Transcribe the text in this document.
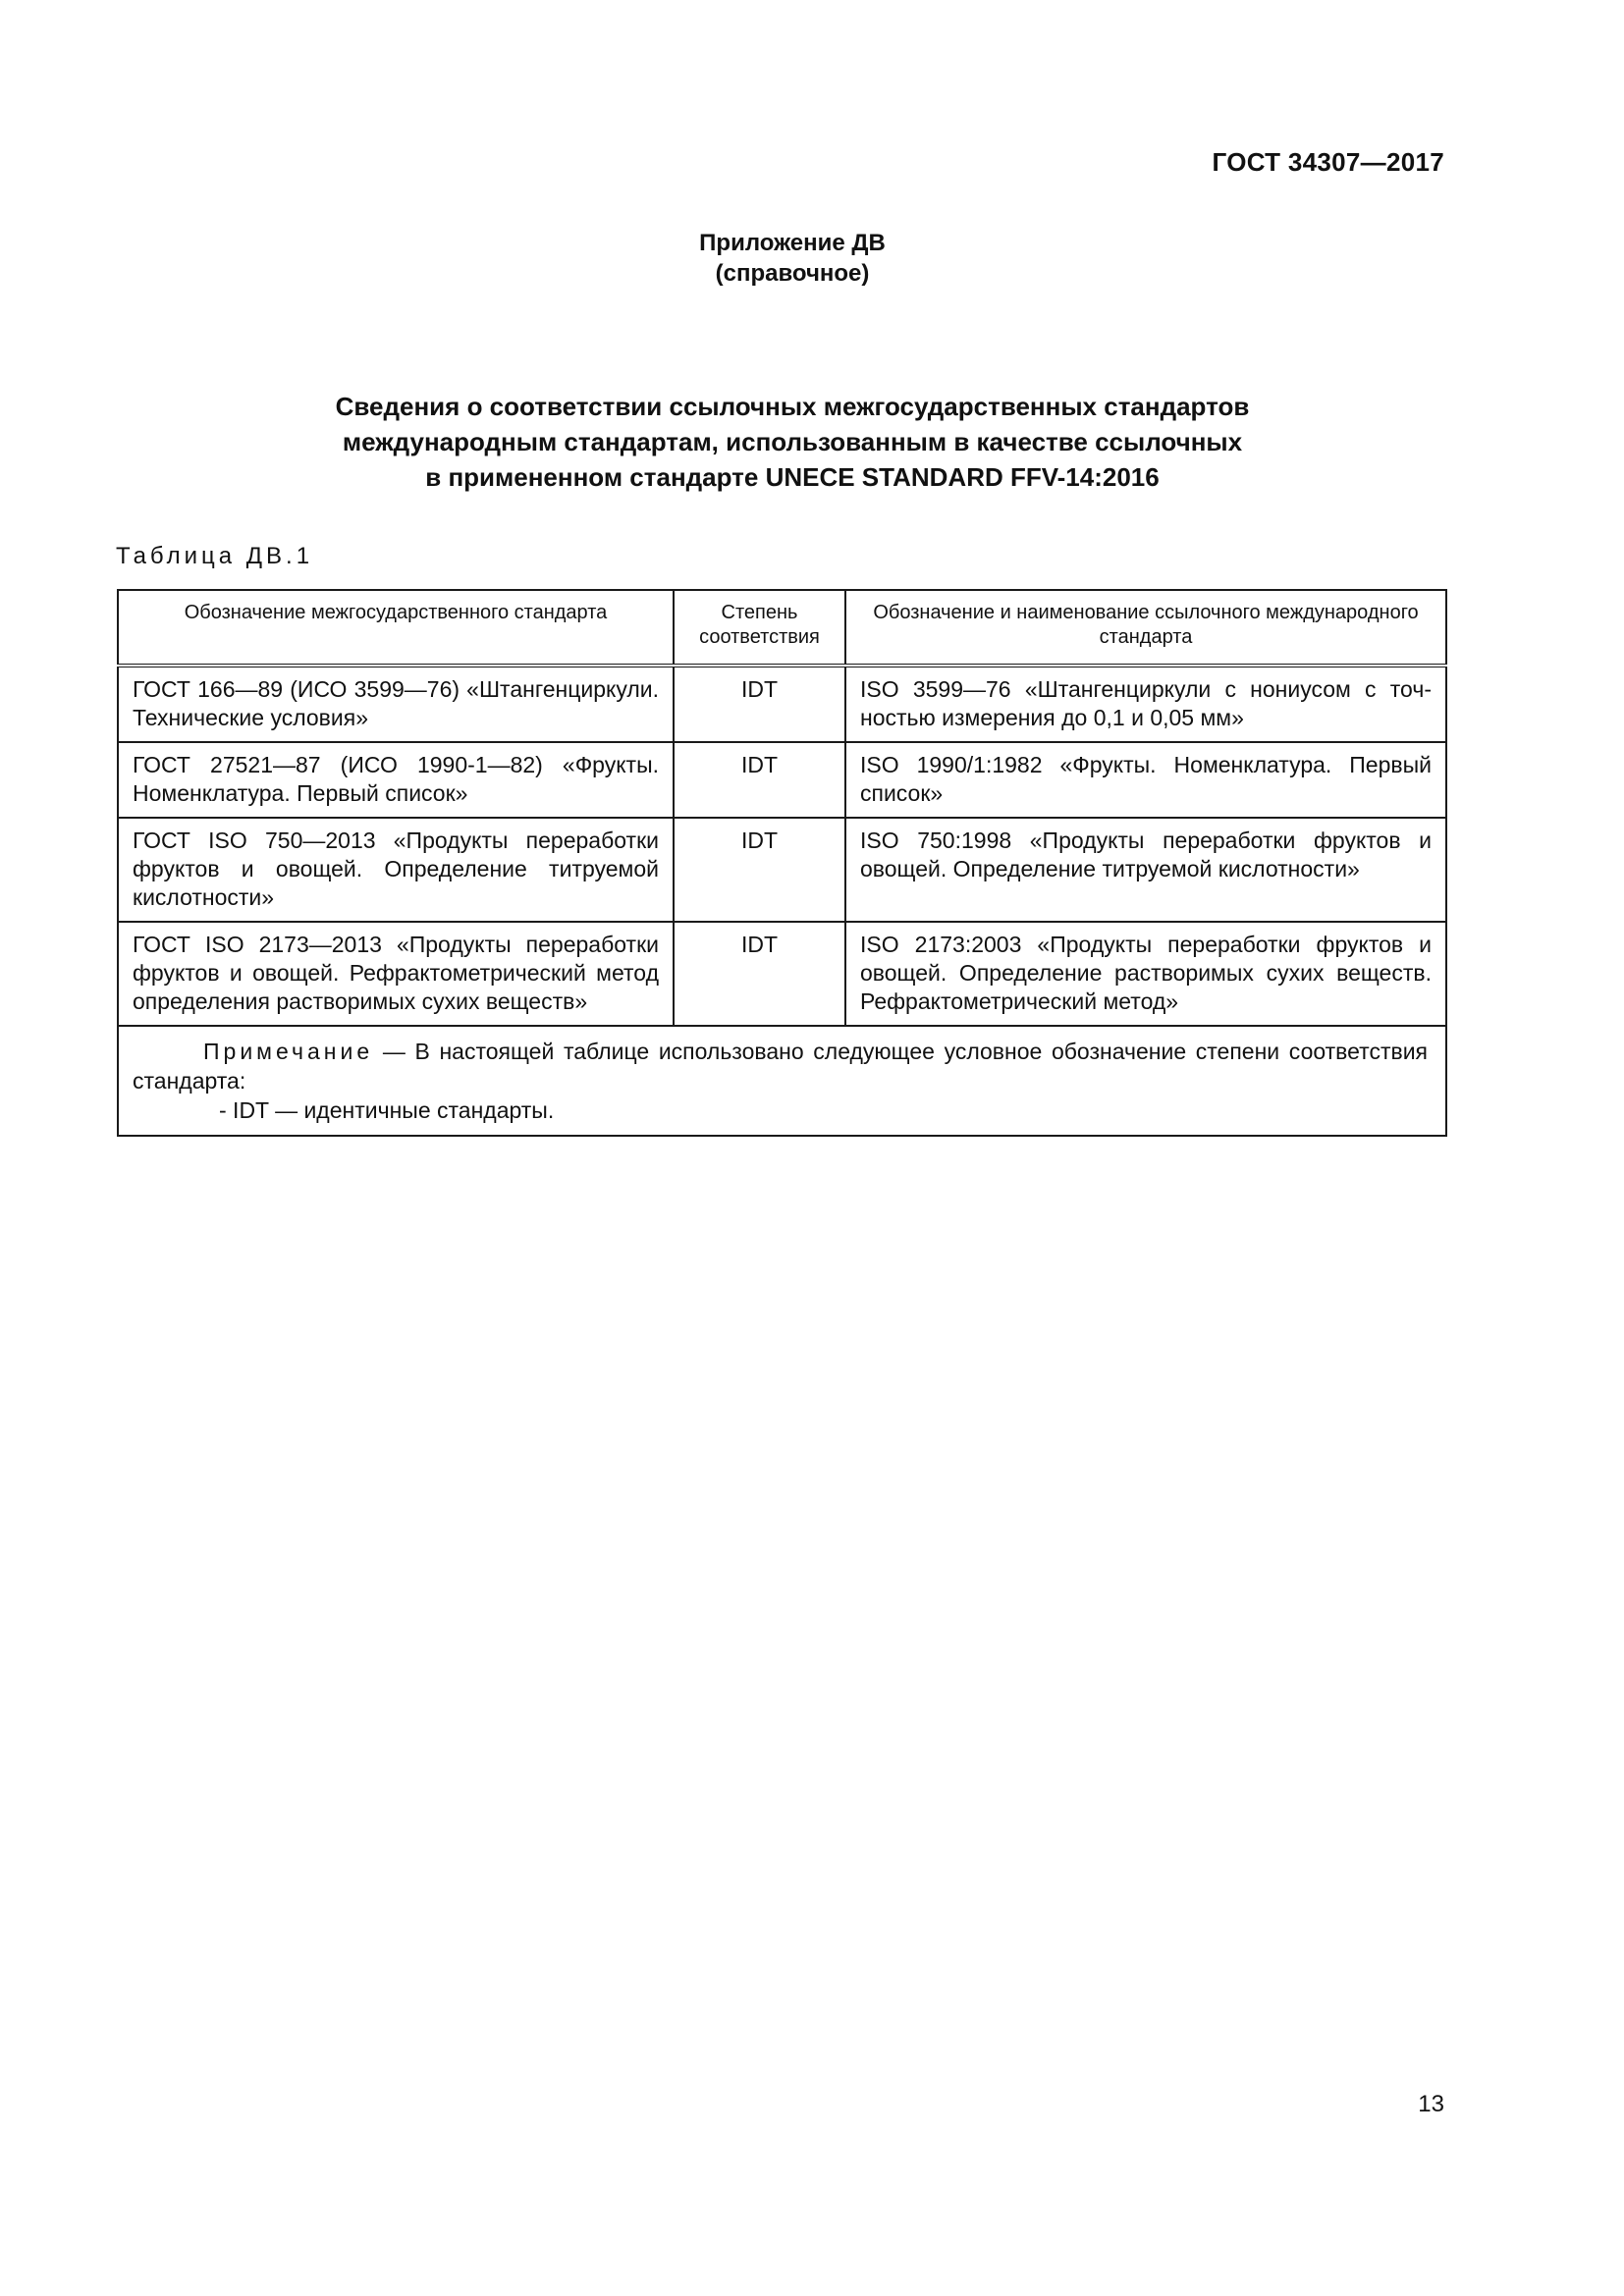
ГОСТ 34307—2017
Приложение ДВ
(справочное)
Сведения о соответствии ссылочных межгосударственных стандартов
международным стандартам, использованным в качестве ссылочных
в примененном стандарте UNECE STANDARD FFV-14:2016
Таблица ДВ.1
Обозначение межгосударственного стандарта	Степень соответствия	Обозначение и наименование ссылочного международного стандарта
ГОСТ 166—89 (ИСО 3599—76) «Штангенциркули. Технические условия»	IDT	ISO 3599—76 «Штангенциркули с нониусом с точностью измерения до 0,1 и 0,05 мм»
ГОСТ 27521—87 (ИСО 1990-1—82) «Фрукты. Номенклатура. Первый список»	IDT	ISO 1990/1:1982 «Фрукты. Номенклатура. Первый список»
ГОСТ ISO 750—2013 «Продукты переработки фруктов и овощей. Определение титруемой кислотности»	IDT	ISO 750:1998 «Продукты переработки фруктов и овощей. Определение титруемой кислотности»
ГОСТ ISO 2173—2013 «Продукты переработки фруктов и овощей. Рефрактометрический метод определения растворимых сухих веществ»	IDT	ISO 2173:2003 «Продукты переработки фруктов и овощей. Определение растворимых сухих веществ. Рефрактометрический метод»

Примечание — В настоящей таблице использовано следующее условное обозначение степени соответствия стандарта:
- IDT — идентичные стандарты.		
13
